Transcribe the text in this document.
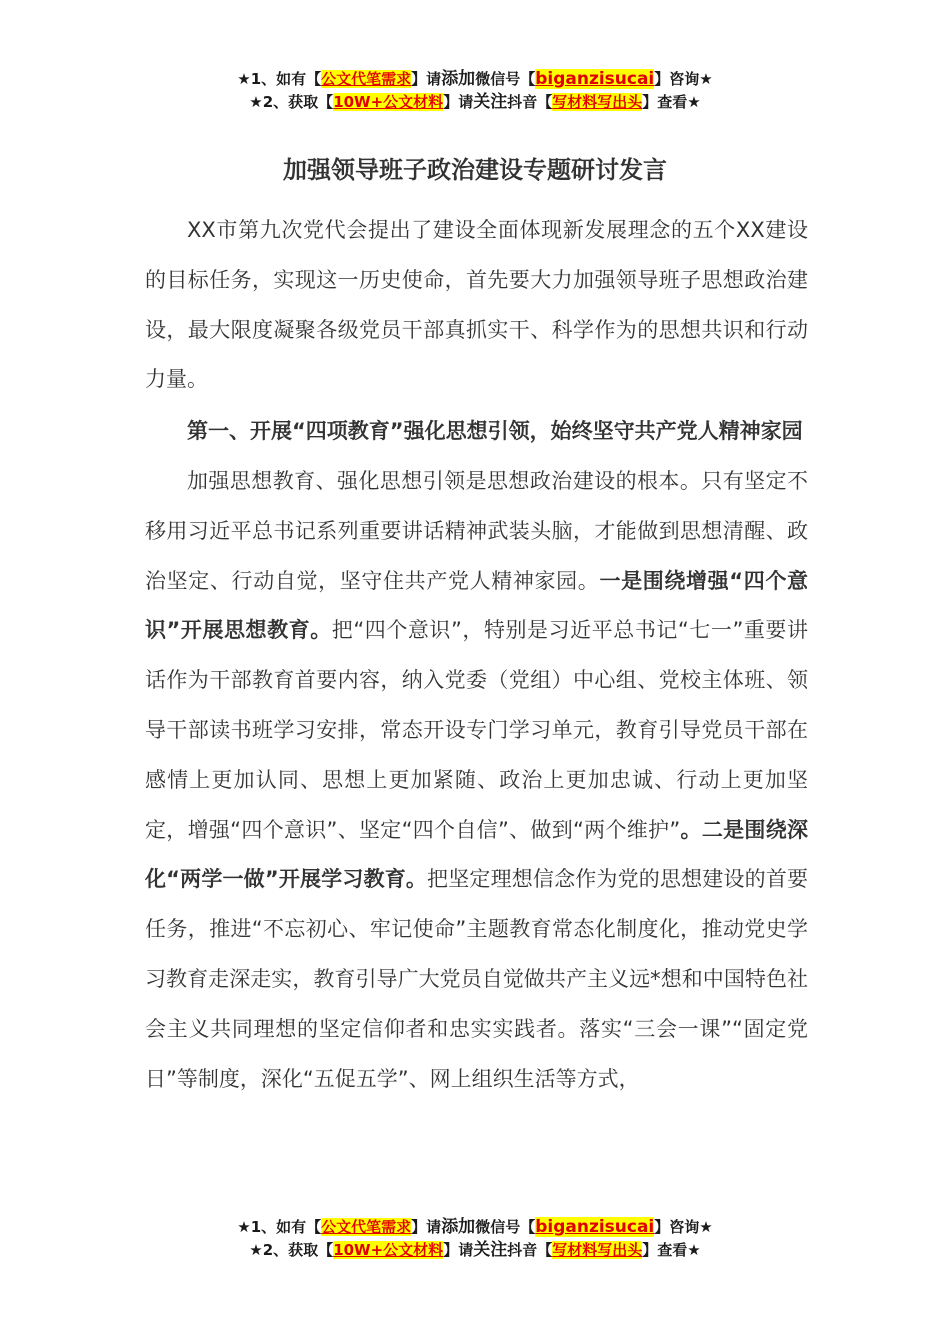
★1、如有【公文代笔需求】请添加微信号【biganzisucai】咨询★
★2、获取【10W+公文材料】请关注抖音【写材料写出头】查看★
加强领导班子政治建设专题研讨发言

XX市第九次党代会提出了建设全面体现新发展理念的五个XX建设的目标任务，实现这一历史使命，首先要大力加强领导班子思想政治建设，最大限度凝聚各级党员干部真抓实干、科学作为的思想共识和行动力量。

第一、开展“四项教育”强化思想引领，始终坚守共产党人精神家园

加强思想教育、强化思想引领是思想政治建设的根本。只有坚定不移用习近平总书记系列重要讲话精神武装头脑，才能做到思想清醒、政治坚定、行动自觉，坚守住共产党人精神家园。一是围绕增强“四个意识”开展思想教育。把“四个意识”，特别是习近平总书记“七一”重要讲话作为干部教育首要内容，纳入党委（党组）中心组、党校主体班、领导干部读书班学习安排，常态开设专门学习单元，教育引导党员干部在感情上更加认同、思想上更加紧随、政治上更加忠诚、行动上更加坚定，增强“四个意识”、坚定“四个自信”、做到“两个维护”。二是围绕深化“两学一做”开展学习教育。把坚定理想信念作为党的思想建设的首要任务，推进“不忘初心、牢记使命”主题教育常态化制度化，推动党史学习教育走深走实，教育引导广大党员自觉做共产主义远*想和中国特色社会主义共同理想的坚定信仰者和忠实实践者。落实“三会一课”“固定党日”等制度，深化“五促五学”、网上组织生活等方式，

★1、如有【公文代笔需求】请添加微信号【biganzisucai】咨询★
★2、获取【10W+公文材料】请关注抖音【写材料写出头】查看★
